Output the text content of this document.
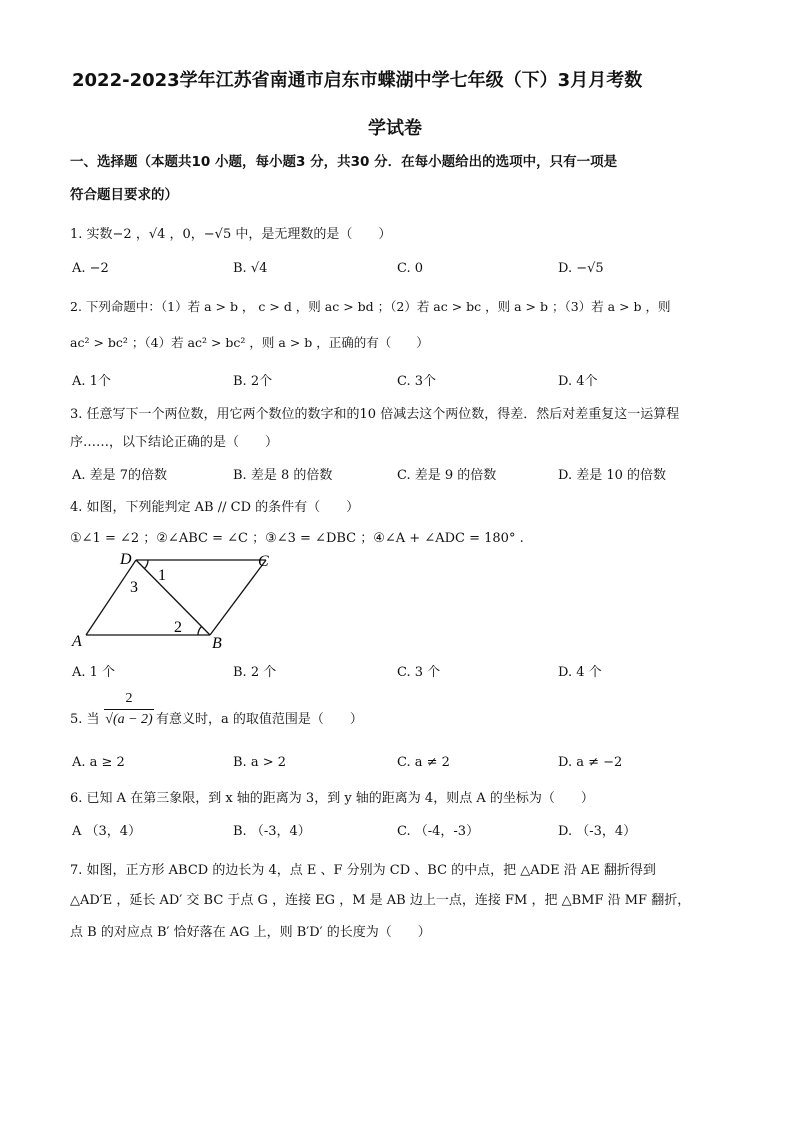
2022-2023学年江苏省南通市启东市蝶湖中学七年级（下）3月月考数
学试卷
一、选择题（本题共10 小题，每小题3 分，共30 分．在每小题给出的选项中，只有一项是
符合题目要求的）
1. 实数−2 ，√4 ，0，−√5 中，是无理数的是（　　）
A. −2	B. √4	C. 0	D. −√5
2. 下列命题中：（1）若 a > b ， c > d ，则 ac > bd ；（2）若 ac > bc ，则 a > b ；（3）若 a > b ，则
ac² > bc² ；（4）若 ac² > bc² ，则 a > b ，正确的有（　　）
A. 1个	B. 2个	C. 3个	D. 4个
3. 任意写下一个两位数，用它两个数位的数字和的10 倍减去这个两位数，得差．然后对差重复这一运算程
序……，以下结论正确的是（　　）
A. 差是 7的倍数	B. 差是 8 的倍数	C. 差是 9 的倍数	D. 差是 10 的倍数
4. 如图，下列能判定 AB // CD 的条件有（　　）
①∠1 = ∠2 ；②∠ABC = ∠C ；③∠3 = ∠DBC ；④∠A + ∠ADC = 180° .
D	C
A	B
1
2
3
A. 1 个	B. 2 个	C. 3 个	D. 4 个
5. 当
2
√(a − 2) 有意义时，a 的取值范围是（　　）
A. a ≥ 2	B. a > 2	C. a ≠ 2	D. a ≠ −2
6. 已知 A 在第三象限，到 x 轴的距离为 3，到 y 轴的距离为 4，则点 A 的坐标为（　　）
A （3，4）	B. （-3，4）	C. （-4，-3）	D. （-3，4）
7. 如图，正方形 ABCD 的边长为 4，点 E 、F 分别为 CD 、BC 的中点，把 △ADE 沿 AE 翻折得到
△AD′E ，延长 AD′ 交 BC 于点 G ，连接 EG ，M 是 AB 边上一点，连接 FM ，把 △BMF 沿 MF 翻折，
点 B 的对应点 B′ 恰好落在 AG 上，则 B′D′ 的长度为（　　）
